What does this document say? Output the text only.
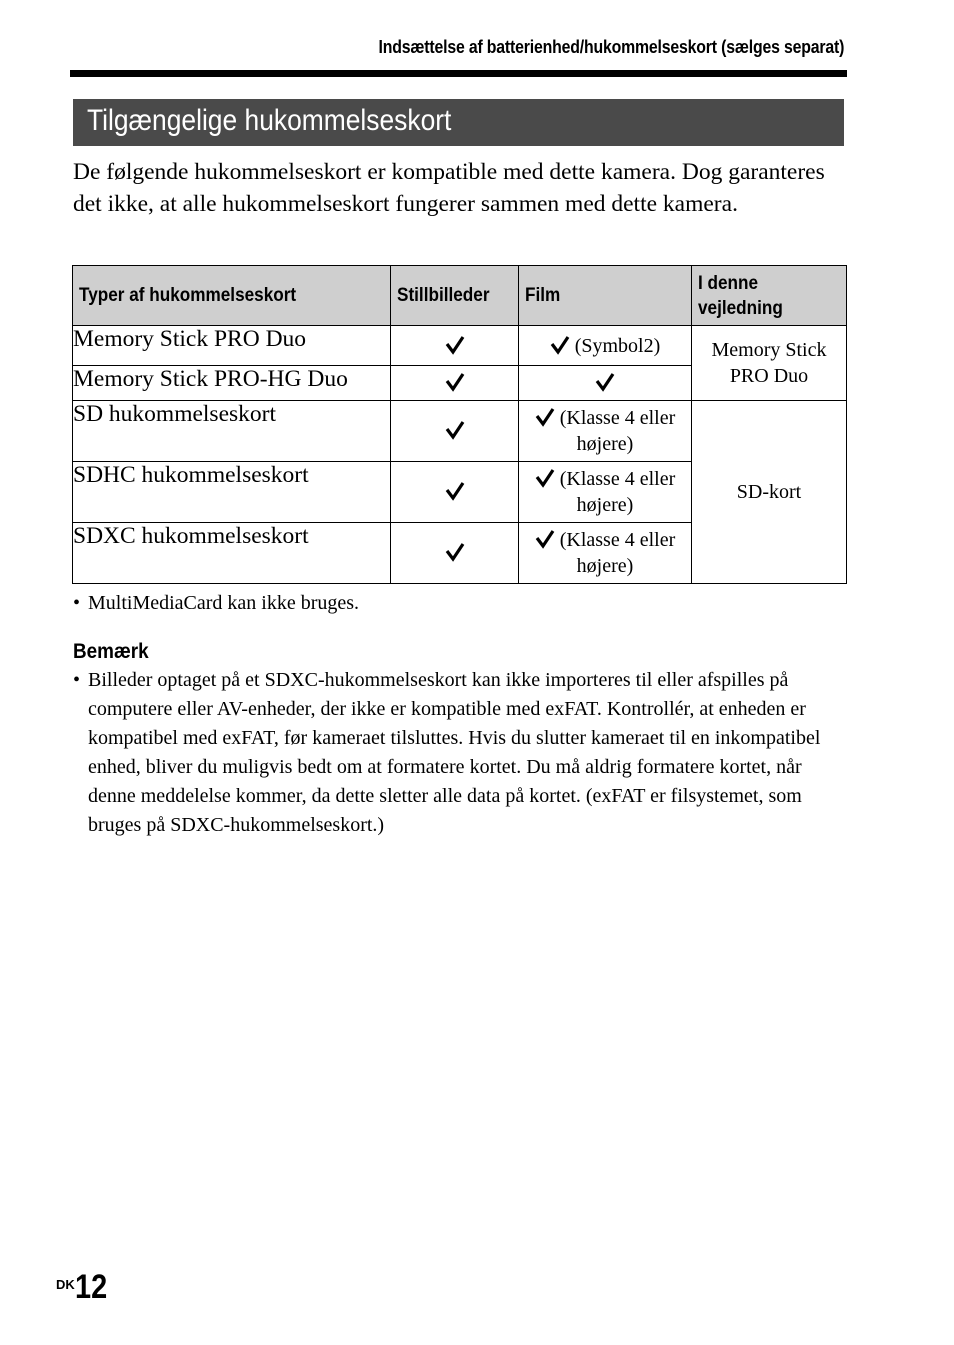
Indsættelse af batterienhed/hukommelseskort (sælges separat)
Tilgængelige hukommelseskort
De følgende hukommelseskort er kompatible med dette kamera. Dog garanteres det ikke, at alle hukommelseskort fungerer sammen med dette kamera.
Typer af hukommelseskort	Stillbilleder	Film	I denne vejledning
Memory Stick PRO Duo		(Symbol2)	Memory Stick PRO Duo
Memory Stick PRO-HG Duo	

SD hukommelseskort		(Klasse 4 eller højere)	SD-kort
SDHC hukommelseskort		(Klasse 4 eller højere)	
SDXC hukommelseskort		(Klasse 4 eller højere)	
• MultiMediaCard kan ikke bruges.
Bemærk
• Billeder optaget på et SDXC-hukommelseskort kan ikke importeres til eller afspilles på computere eller AV-enheder, der ikke er kompatible med exFAT. Kontrollér, at enheden er kompatibel med exFAT, før kameraet tilsluttes. Hvis du slutter kameraet til en inkompatibel enhed, bliver du muligvis bedt om at formatere kortet. Du må aldrig formatere kortet, når denne meddelelse kommer, da dette sletter alle data på kortet. (exFAT er filsystemet, som bruges på SDXC-hukommelseskort.)
DK 12
